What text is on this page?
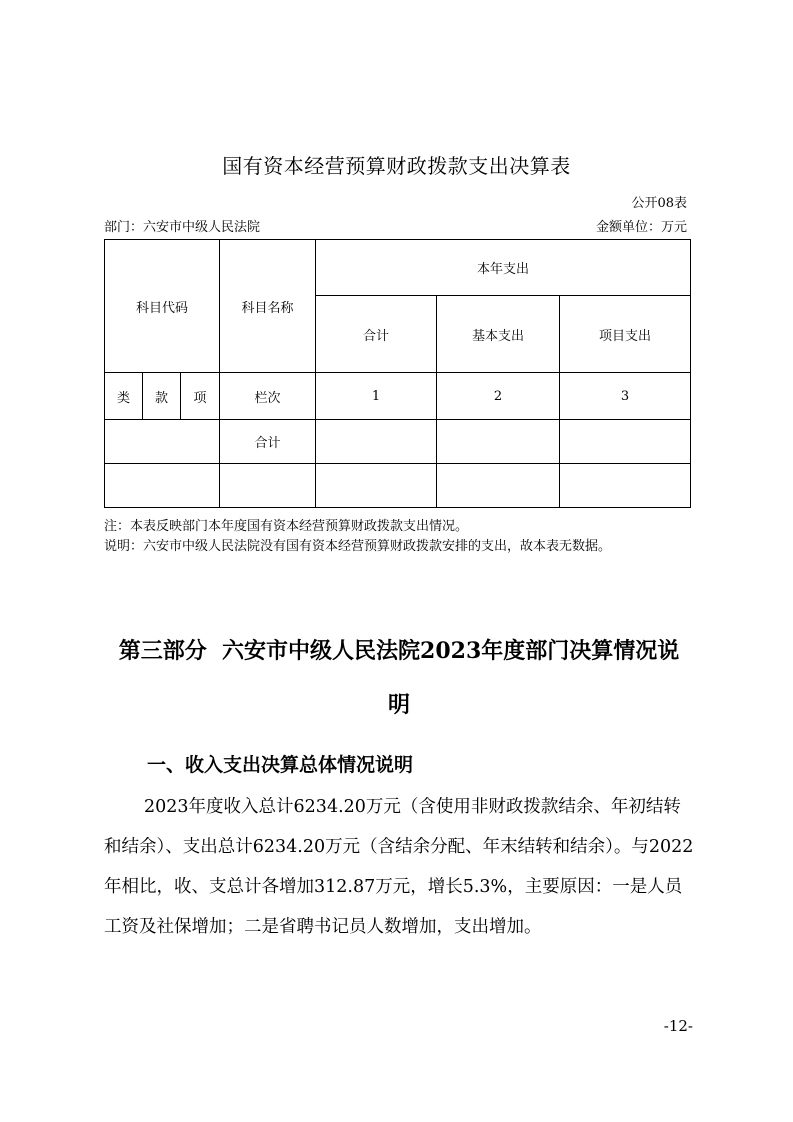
国有资本经营预算财政拨款支出决算表
公开08表
部门：六安市中级人民法院	金额单位：万元
科目代码			科目名称	本年支出		
				合计	基本支出	项目支出
类	款	项	栏次	1	2	3
			合计			

注：本表反映部门本年度国有资本经营预算财政拨款支出情况。
说明：六安市中级人民法院没有国有资本经营预算财政拨款安排的支出，故本表无数据。
第三部分  六安市中级人民法院2023年度部门决算情况说
明
一、收入支出决算总体情况说明
2023年度收入总计6234.20万元（含使用非财政拨款结余、年初结转和结余）、支出总计6234.20万元（含结余分配、年末结转和结余）。与2022年相比，收、支总计各增加312.87万元，增长5.3%，主要原因：一是人员工资及社保增加；二是省聘书记员人数增加，支出增加。
-12-
